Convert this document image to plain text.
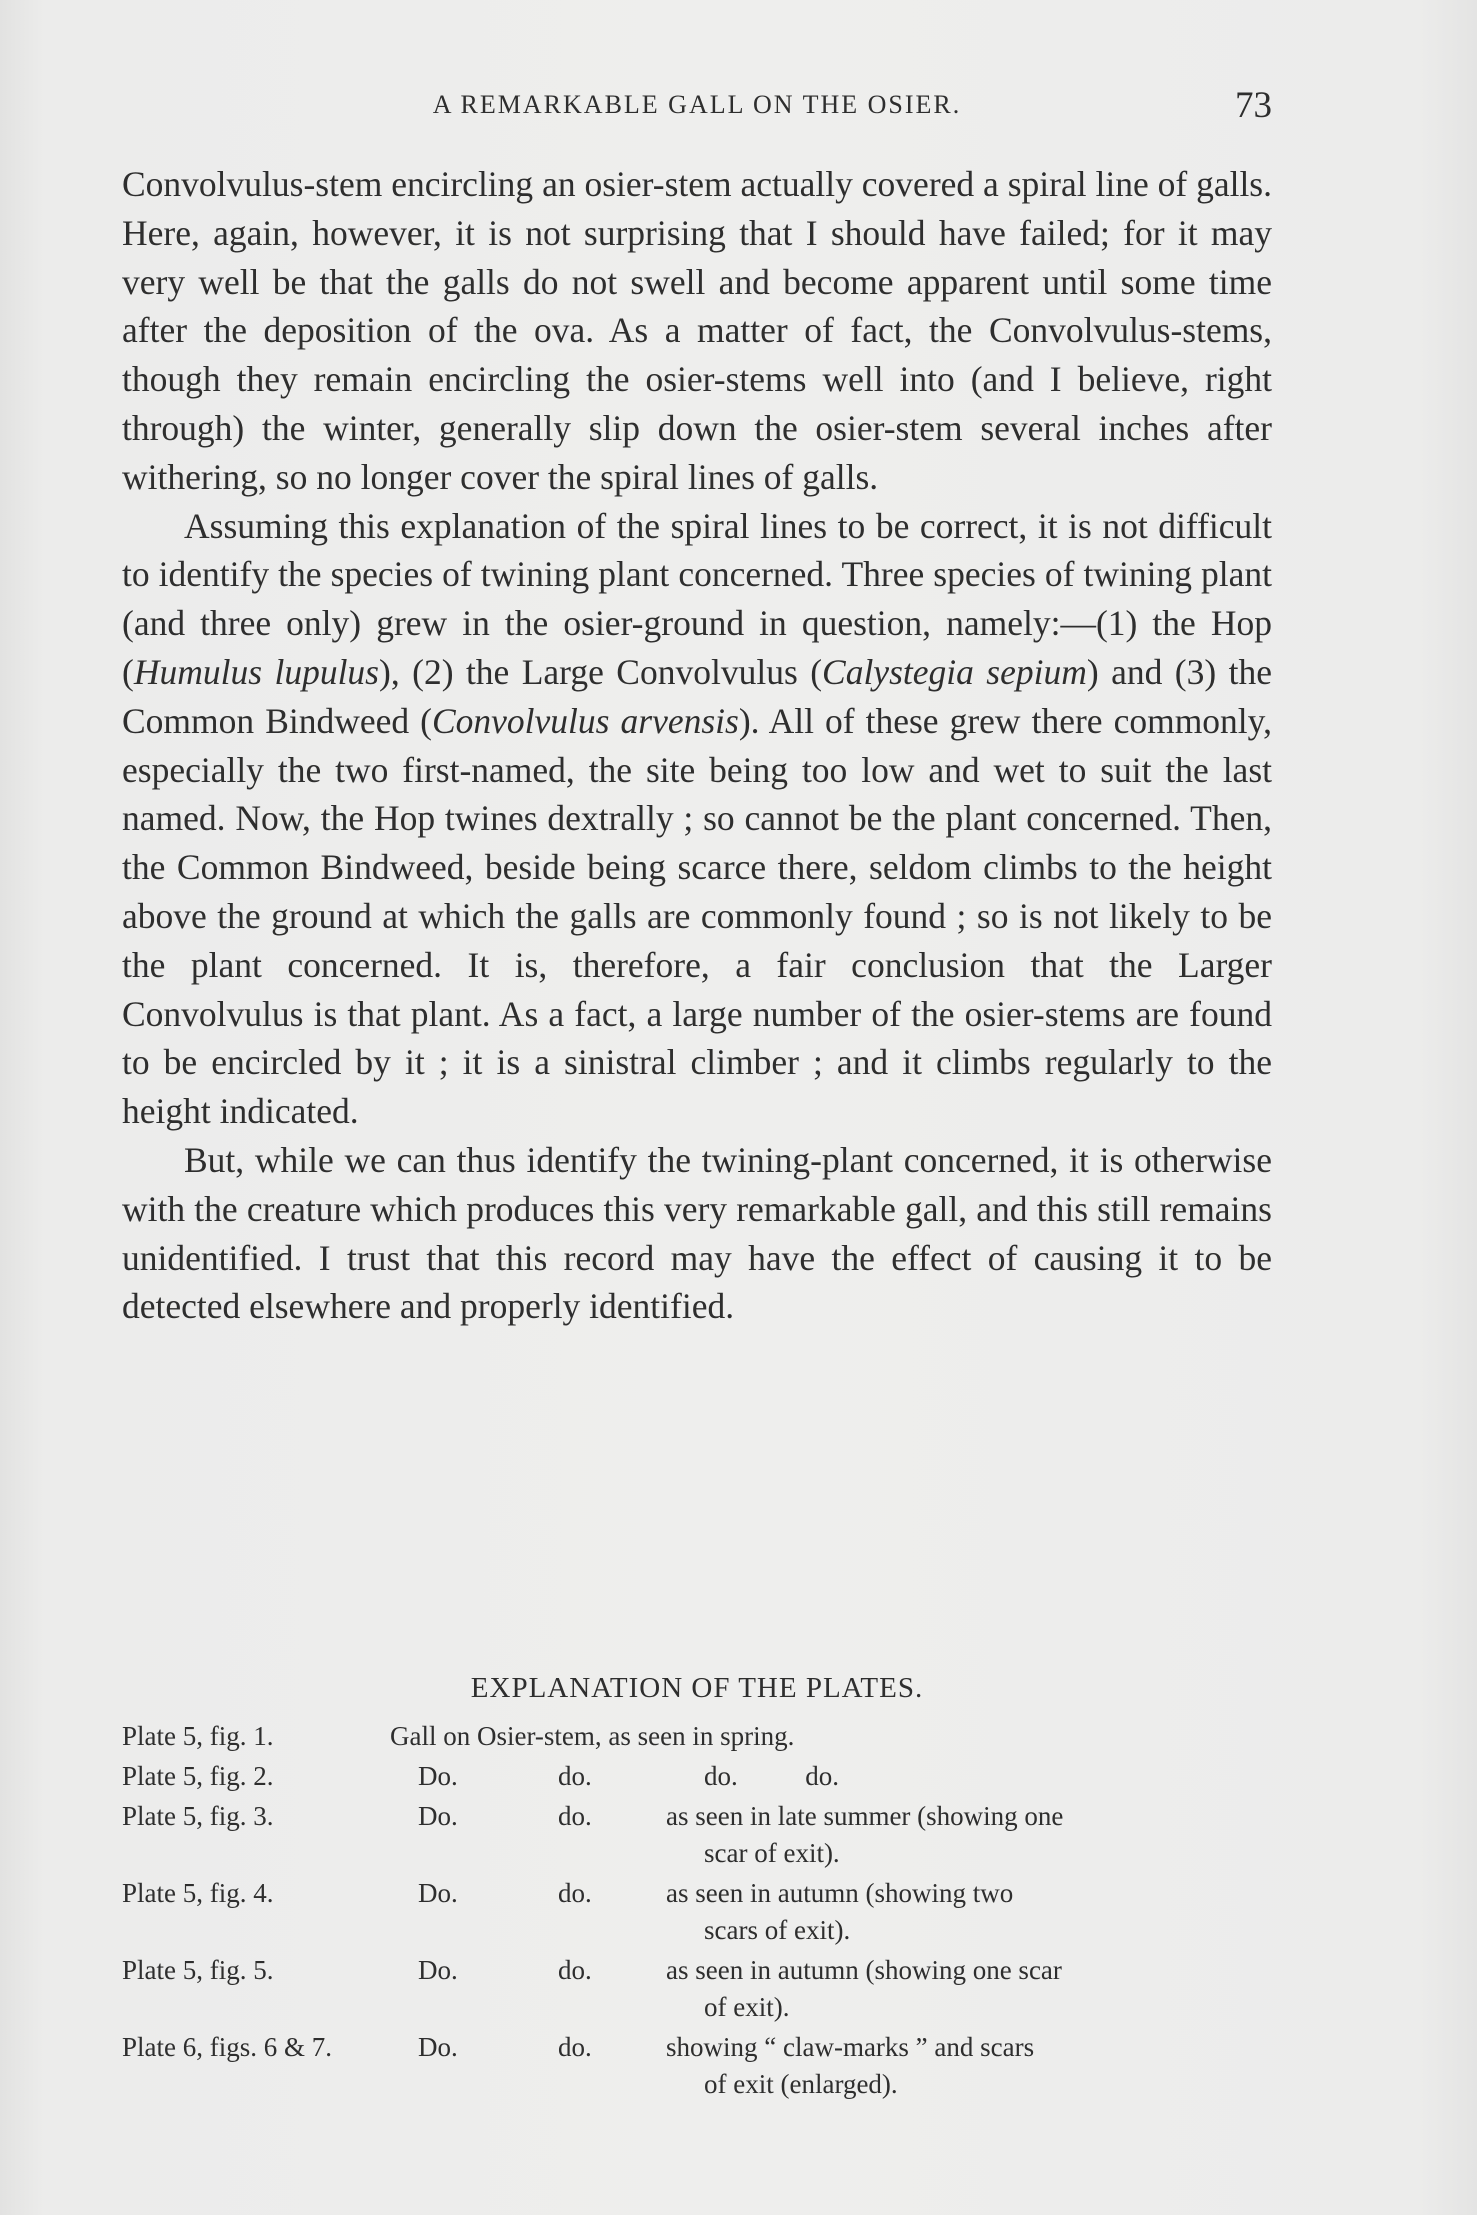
A REMARKABLE GALL ON THE OSIER.	73

Convolvulus-stem encircling an osier-stem actually covered a spiral line of galls. Here, again, however, it is not surprising that I should have failed; for it may very well be that the galls do not swell and become apparent until some time after the deposition of the ova. As a matter of fact, the Convolvulus-stems, though they remain encircling the osier-stems well into (and I believe, right through) the winter, generally slip down the osier-stem several inches after withering, so no longer cover the spiral lines of galls.

Assuming this explanation of the spiral lines to be correct, it is not difficult to identify the species of twining plant concerned. Three species of twining plant (and three only) grew in the osier-ground in question, namely:—(1) the Hop (Humulus lupulus), (2) the Large Convolvulus (Calystegia sepium) and (3) the Common Bindweed (Convolvulus arvensis). All of these grew there commonly, especially the two first-named, the site being too low and wet to suit the last named. Now, the Hop twines dextrally ; so cannot be the plant concerned. Then, the Common Bindweed, beside being scarce there, seldom climbs to the height above the ground at which the galls are commonly found ; so is not likely to be the plant concerned. It is, therefore, a fair conclusion that the Larger Convolvulus is that plant. As a fact, a large number of the osier-stems are found to be encircled by it ; it is a sinistral climber ; and it climbs regularly to the height indicated.

But, while we can thus identify the twining-plant concerned, it is otherwise with the creature which produces this very remarkable gall, and this still remains unidentified. I trust that this record may have the effect of causing it to be detected elsewhere and properly identified.

EXPLANATION OF THE PLATES.
Plate 5, fig. 1.	Gall on Osier-stem, as seen in spring.		
Plate 5, fig. 2.	Do.	do.	do.          do.
Plate 5, fig. 3.	Do.	do.	as seen in late summer (showing one
scar of exit).

Plate 5, fig. 4.	Do.	do.	as seen in autumn (showing two
scars of exit).

Plate 5, fig. 5.	Do.	do.	as seen in autumn (showing one scar
of exit).

Plate 6, figs. 6 & 7.	Do.	do.	showing “ claw-marks ” and scars
of exit (enlarged).
